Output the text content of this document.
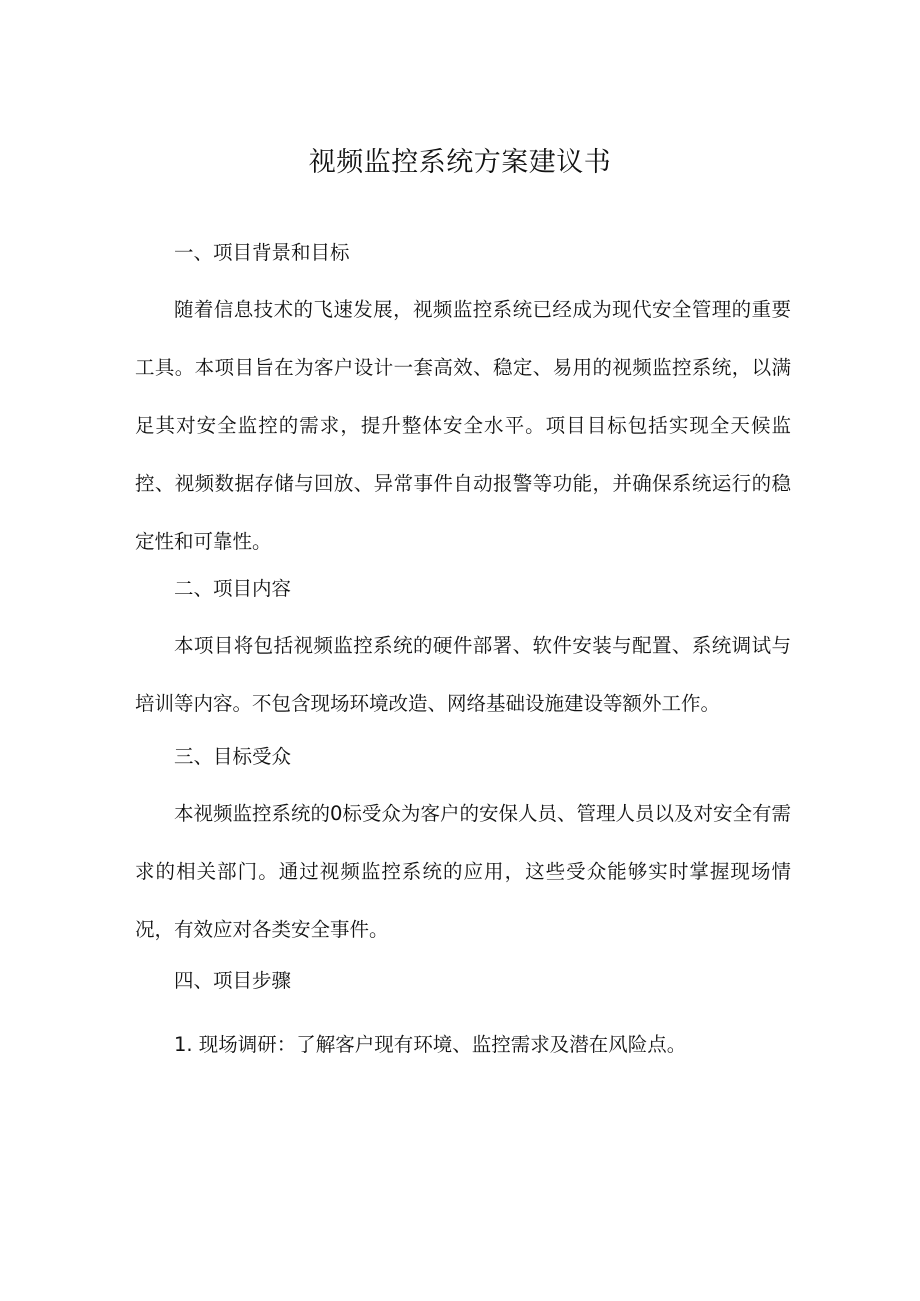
视频监控系统方案建议书
一、项目背景和目标

随着信息技术的飞速发展，视频监控系统已经成为现代安全管理的重要工具。本项目旨在为客户设计一套高效、稳定、易用的视频监控系统，以满足其对安全监控的需求，提升整体安全水平。项目目标包括实现全天候监控、视频数据存储与回放、异常事件自动报警等功能，并确保系统运行的稳定性和可靠性。

二、项目内容

本项目将包括视频监控系统的硬件部署、软件安装与配置、系统调试与培训等内容。不包含现场环境改造、网络基础设施建设等额外工作。

三、目标受众

本视频监控系统的0标受众为客户的安保人员、管理人员以及对安全有需求的相关部门。通过视频监控系统的应用，这些受众能够实时掌握现场情况，有效应对各类安全事件。

四、项目步骤

1. 现场调研：了解客户现有环境、监控需求及潜在风险点。
